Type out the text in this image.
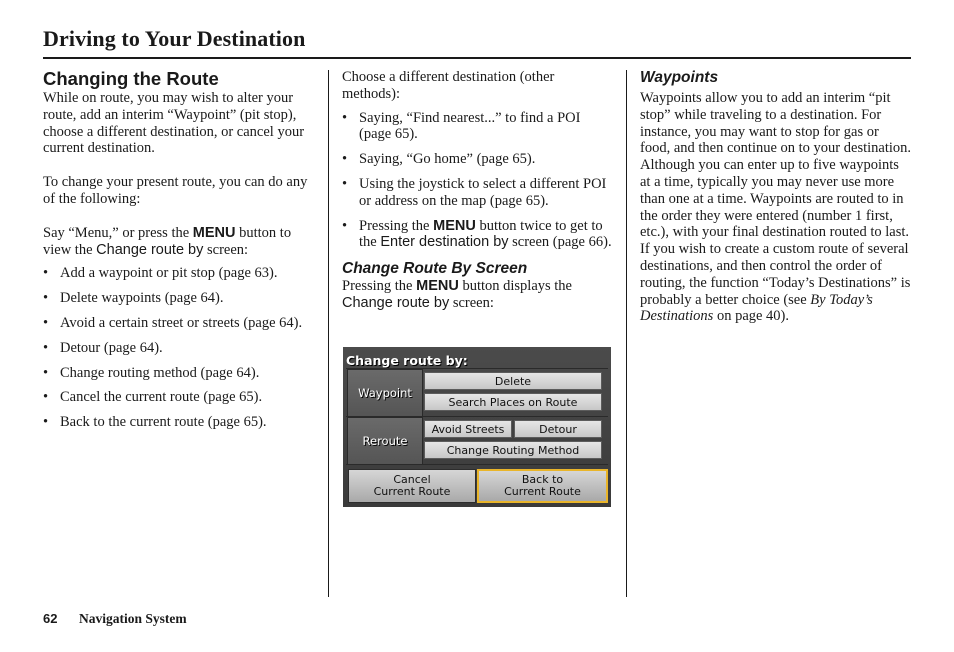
Driving to Your Destination
Changing the Route

While on route, you may wish to alter your route, add an interim “Waypoint” (pit stop), choose a different destination, or cancel your current destination.

To change your present route, you can do any of the following:

Say “Menu,” or press the MENU button to view the Change route by screen:

• Add a waypoint or pit stop (page 63).
• Delete waypoints (page 64).
• Avoid a certain street or streets (page 64).
• Detour (page 64).
• Change routing method (page 64).
• Cancel the current route (page 65).
• Back to the current route (page 65).

Choose a different destination (other methods):

• Saying, “Find nearest...” to find a POI (page 65).
• Saying, “Go home” (page 65).
• Using the joystick to select a different POI or address on the map (page 65).
• Pressing the MENU button twice to get to the Enter destination by screen (page 66).
Change Route By Screen

Pressing the MENU button displays the Change route by screen:

Change route by:
Waypoint
Delete
Search Places on Route
Reroute
Avoid Streets	Detour
Change Routing Method
Cancel
Current Route
Back to
Current Route
Waypoints

Waypoints allow you to add an interim “pit stop” while traveling to a destination. For instance, you may want to stop for gas or food, and then continue on to your destination. Although you can enter up to five waypoints at a time, typically you may never use more than one at a time. Waypoints are routed to in the order they were entered (number 1 first, etc.), with your final destination routed to last. If you wish to create a custom route of several destinations, and then control the order of routing, the function “Today’s Destinations” is probably a better choice (see By Today’s Destinations on page 40).

62 Navigation System
